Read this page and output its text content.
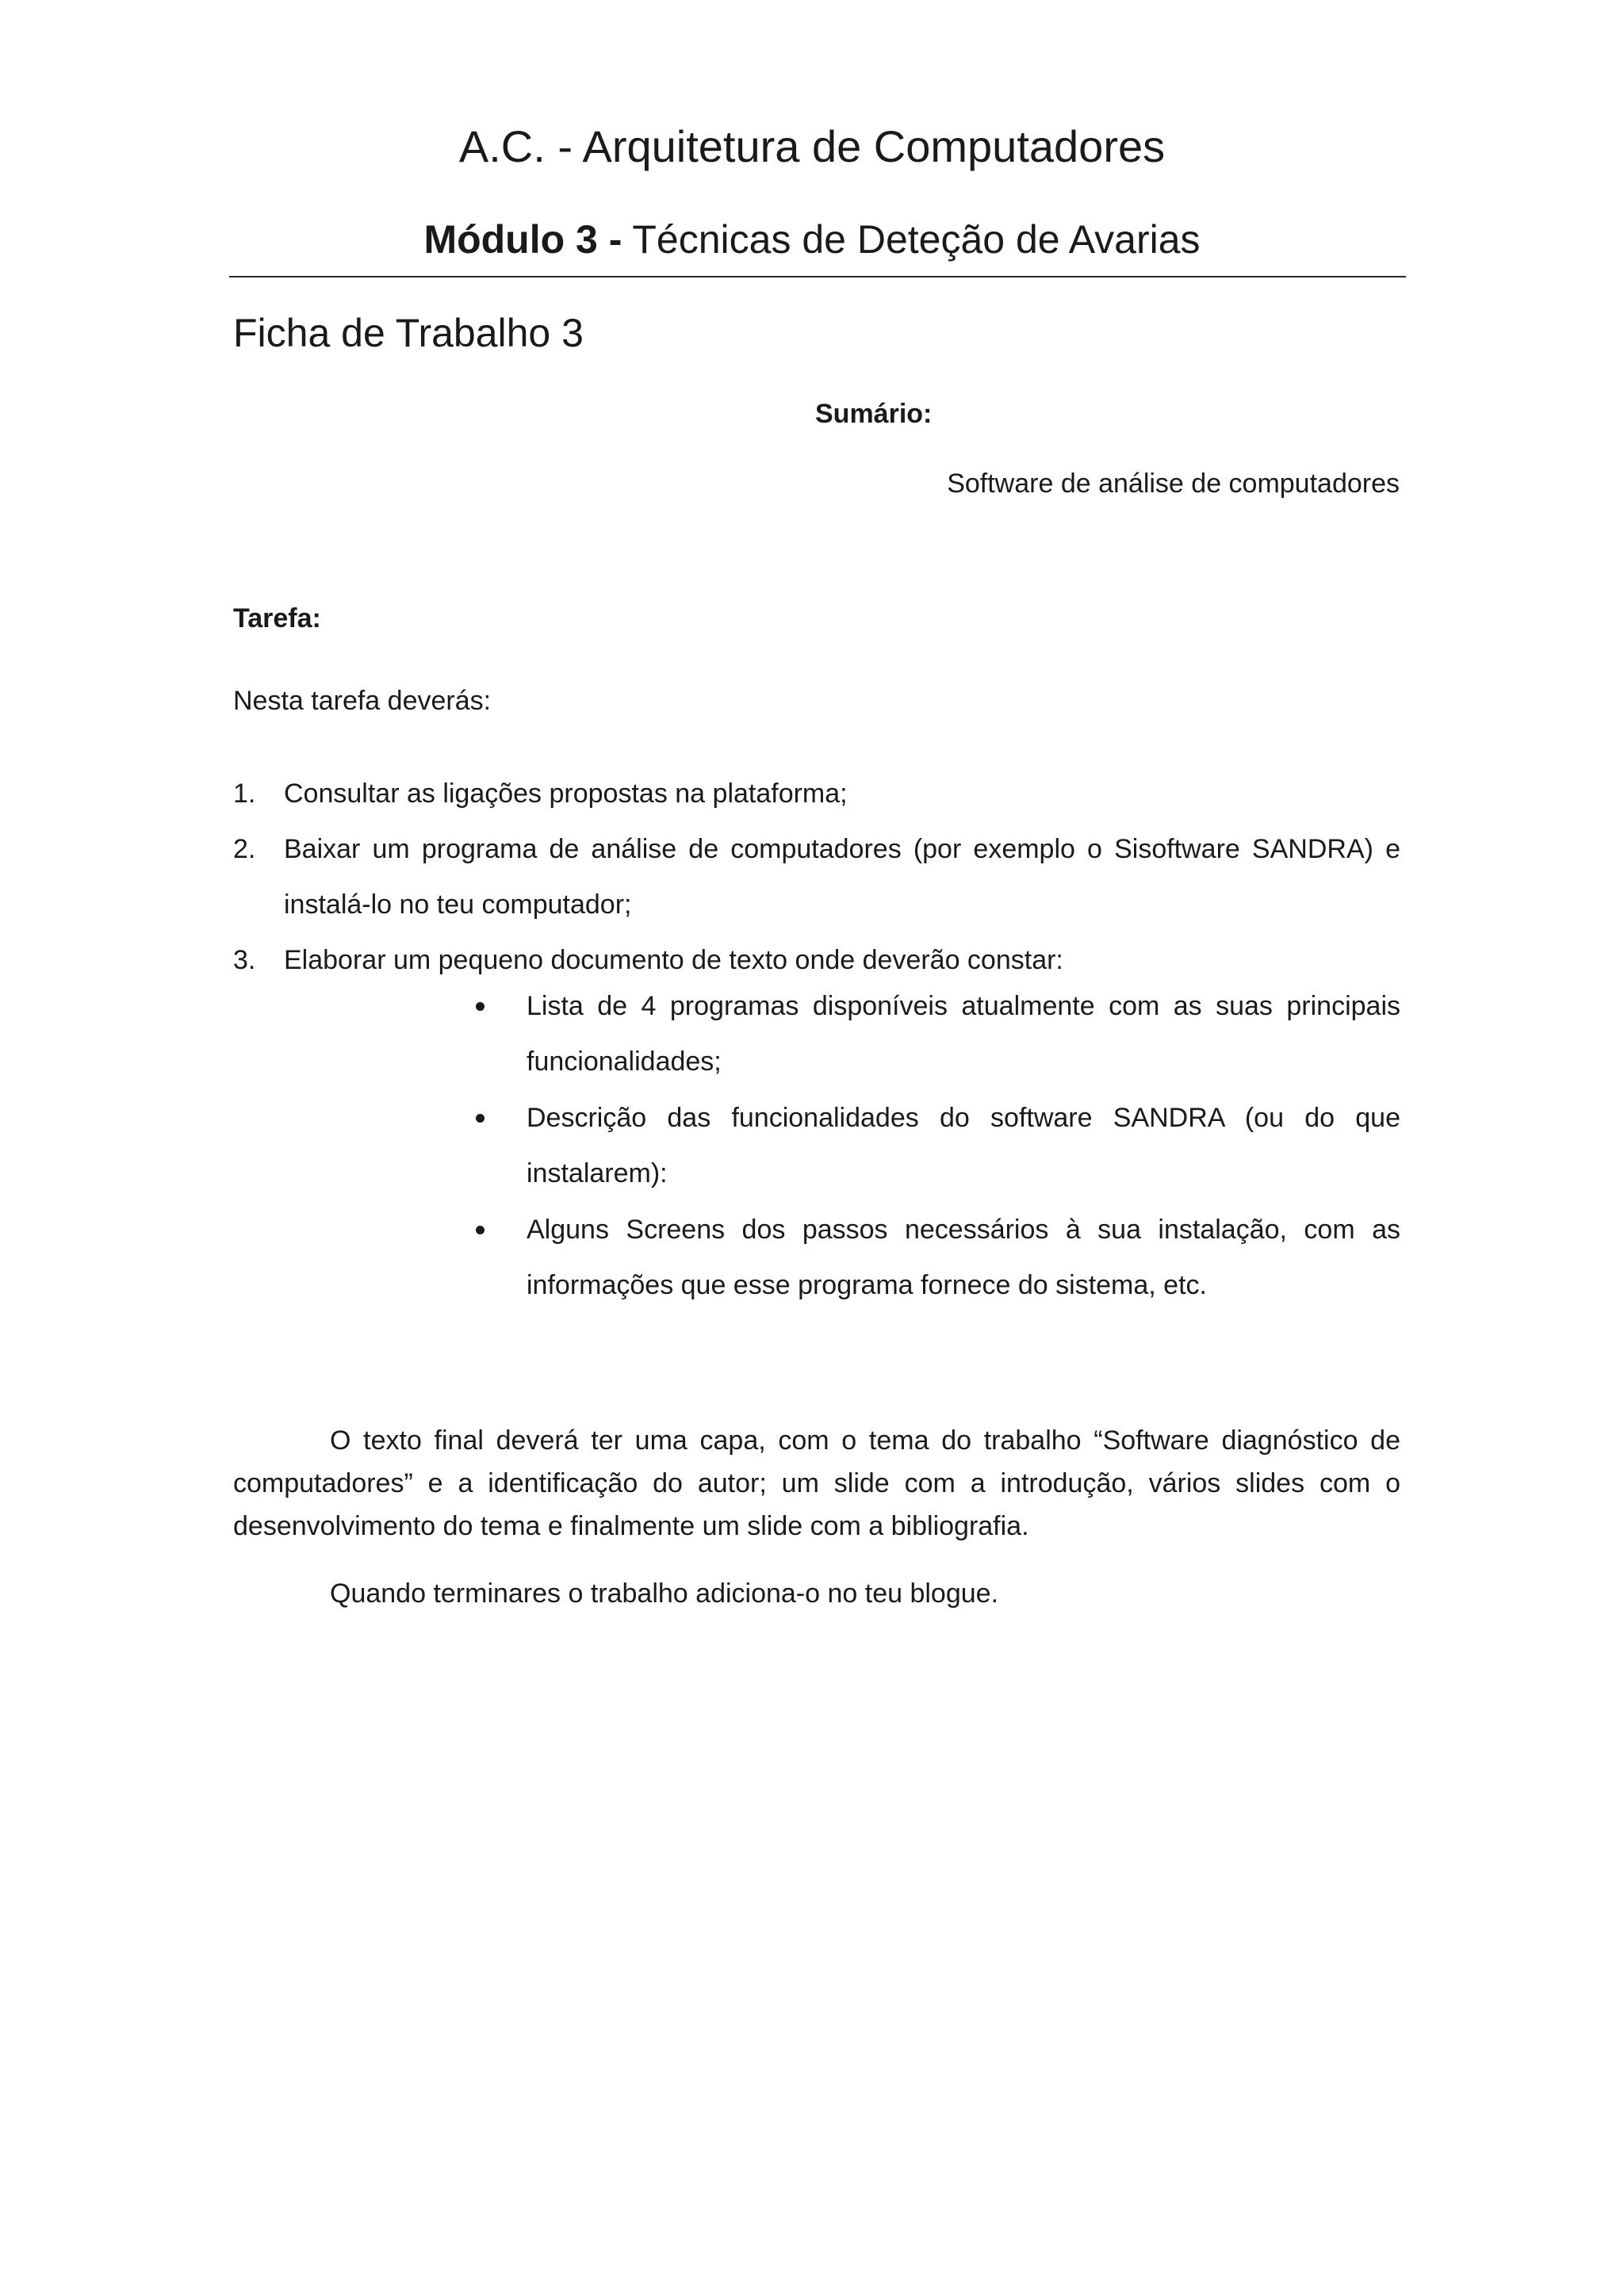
A.C. - Arquitetura de Computadores
Módulo 3 - Técnicas de Deteção de Avarias
Ficha de Trabalho 3
Sumário:
Software de análise de computadores
Tarefa:
Nesta tarefa deverás:
1. Consultar as ligações propostas na plataforma;
2. Baixar um programa de análise de computadores (por exemplo o Sisoftware SANDRA) e instalá-lo no teu computador;
3. Elaborar um pequeno documento de texto onde deverão constar:
Lista de 4 programas disponíveis atualmente com as suas principais funcionalidades;
Descrição das funcionalidades do software SANDRA (ou do que instalarem):
Alguns Screens dos passos necessários à sua instalação, com as informações que esse programa fornece do sistema, etc.
O texto final deverá ter uma capa, com o tema do trabalho “Software diagnóstico de computadores” e a identificação do autor; um slide com a introdução, vários slides com o desenvolvimento do tema e finalmente um slide com a bibliografia.
Quando terminares o trabalho adiciona-o no teu blogue.
